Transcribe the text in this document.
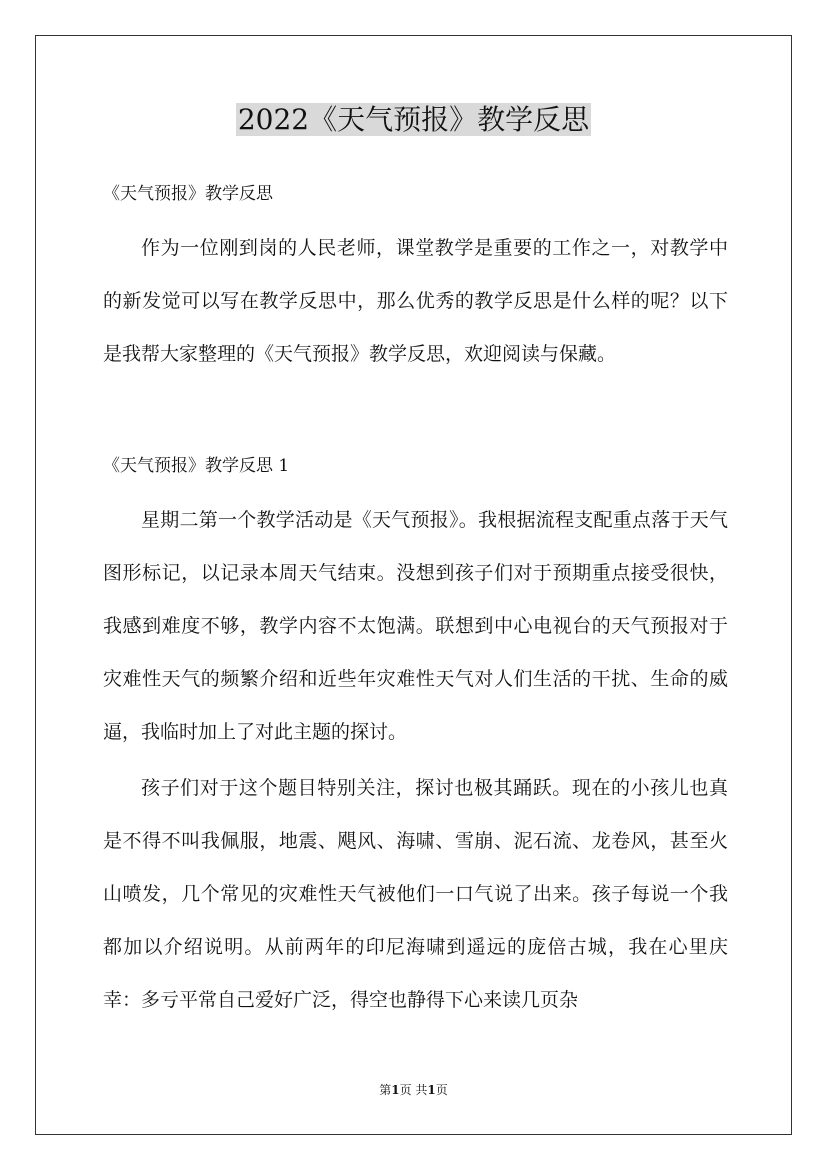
2022《天气预报》教学反思
《天气预报》教学反思

作为一位刚到岗的人民老师，课堂教学是重要的工作之一，对教学中的新发觉可以写在教学反思中，那么优秀的教学反思是什么样的呢？以下是我帮大家整理的《天气预报》教学反思，欢迎阅读与保藏。

《天气预报》教学反思 1

星期二第一个教学活动是《天气预报》。我根据流程支配重点落于天气图形标记，以记录本周天气结束。没想到孩子们对于预期重点接受很快，我感到难度不够，教学内容不太饱满。联想到中心电视台的天气预报对于灾难性天气的频繁介绍和近些年灾难性天气对人们生活的干扰、生命的威逼，我临时加上了对此主题的探讨。

孩子们对于这个题目特别关注，探讨也极其踊跃。现在的小孩儿也真是不得不叫我佩服，地震、飓风、海啸、雪崩、泥石流、龙卷风，甚至火山喷发，几个常见的灾难性天气被他们一口气说了出来。孩子每说一个我都加以介绍说明。从前两年的印尼海啸到遥远的庞倍古城，我在心里庆幸：多亏平常自己爱好广泛，得空也静得下心来读几页杂

第1页 共1页
